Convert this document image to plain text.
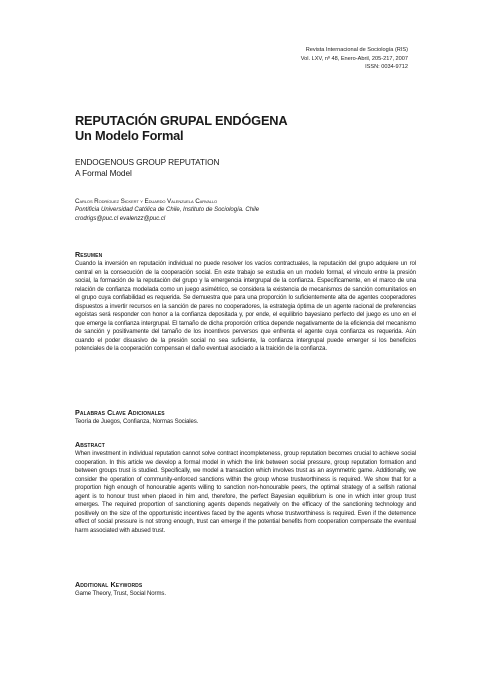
Revista Internacional de Sociología (RIS)
Vol. LXV, nº 48, Enero-Abril, 205-217, 2007
ISSN: 0034-9712
REPUTACIÓN GRUPAL ENDÓGENA
Un Modelo Formal
ENDOGENOUS GROUP REPUTATION
A Formal Model
Carlos Rodríguez Sickert y Eduardo Valenzuela Carvallo
Pontificia Universidad Católica de Chile, Instituto de Sociología. Chile
crodrigs@puc.cl evalenzz@puc.cl
Resumen

Cuando la inversión en reputación individual no puede resolver los vacíos contractuales, la reputación del grupo adquiere un rol central en la consecución de la cooperación social. En este trabajo se estudia en un modelo formal, el vínculo entre la presión social, la formación de la reputación del grupo y la emergencia intergrupal de la confianza. Específicamente, en el marco de una relación de confianza modelada como un juego asimétrico, se considera la existencia de mecanismos de sanción comunitarios en el grupo cuya confiabilidad es requerida. Se demuestra que para una proporción lo suficientemente alta de agentes cooperadores dispuestos a invertir recursos en la sanción de pares no cooperadores, la estrategia óptima de un agente racional de preferencias egoístas será responder con honor a la confianza depositada y, por ende, el equilibrio bayesiano perfecto del juego es uno en el que emerge la confianza intergrupal. El tamaño de dicha proporción crítica depende negativamente de la eficiencia del mecanismo de sanción y positivamente del tamaño de los incentivos perversos que enfrenta el agente cuya confianza es requerida. Aún cuando el poder disuasivo de la presión social no sea suficiente, la confianza intergrupal puede emerger si los beneficios potenciales de la cooperación compensan el daño eventual asociado a la traición de la confianza.

Palabras Clave Adicionales

Teoría de Juegos, Confianza, Normas Sociales.

Abstract

When investment in individual reputation cannot solve contract incompleteness, group reputation becomes crucial to achieve social cooperation. In this article we develop a formal model in which the link between social pressure, group reputation formation and between groups trust is studied. Specifically, we model a transaction which involves trust as an asymmetric game. Additionally, we consider the operation of community-enforced sanctions within the group whose trustworthiness is required. We show that for a proportion high enough of honourable agents willing to sanction non-honourable peers, the optimal strategy of a selfish rational agent is to honour trust when placed in him and, therefore, the perfect Bayesian equilibrium is one in which inter group trust emerges. The required proportion of sanctioning agents depends negatively on the efficacy of the sanctioning technology and positively on the size of the opportunistic incentives faced by the agents whose trustworthiness is required. Even if the deterrence effect of social pressure is not strong enough, trust can emerge if the potential benefits from cooperation compensate the eventual harm associated with abused trust.

Additional Keywords

Game Theory, Trust, Social Norms.
